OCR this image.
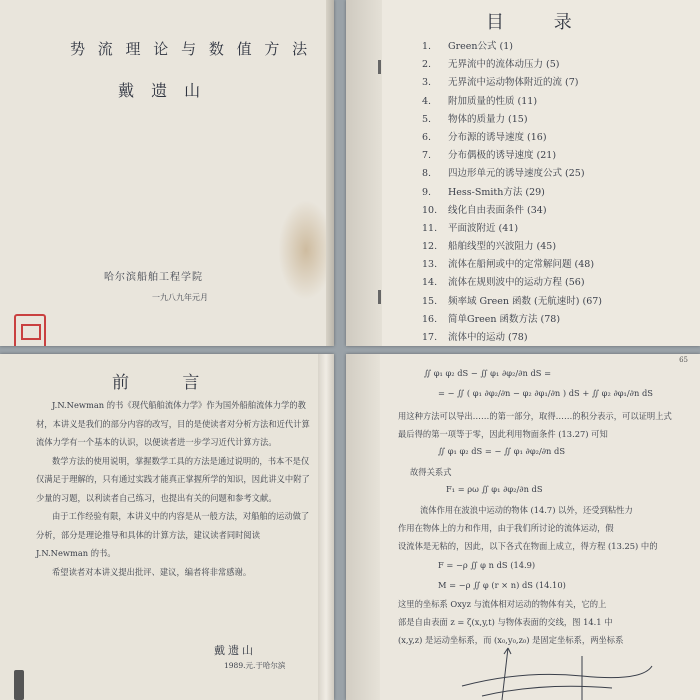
势 流 理 论 与 数 值 方 法
戴 遗 山
哈尔滨船舶工程学院
一九八九年元月
目 录
1.	Green公式 (1)
2.	无界流中的流体动压力 (5)
3.	无界流中运动物体附近的流 (7)
4.	附加质量的性质 (11)
5.	物体的质量力 (15)
6.	分布源的诱导速度 (16)
7.	分布偶极的诱导速度 (21)
8.	四边形单元的诱导速度公式 (25)
9.	Hess-Smith方法 (29)
10.	线化自由表面条件 (34)
11.	平面波附近 (41)
12.	船舶线型的兴波阻力 (45)
13.	流体在船闸或中的定常解问题 (48)
14.	流体在规则波中的运动方程 (56)
15.	频率域 Green 函数 (无航速时) (67)
16.	简单Green 函数方法 (78)
17.	流体中的运动 (78)
前 言

J.N.Newman 的书《现代船舶流体力学》作为国外船舶流体力学的教材，本讲义是我们的部分内容的改写，目的是使读者对分析方法和近代计算流体力学有一个基本的认识，以便读者进一步学习近代计算方法。

数学方法的使用说明，掌握数学工具的方法是通过说明的，书本不是仅仅满足于理解的，只有通过实践才能真正掌握所学的知识，因此讲义中附了少量的习题，以利读者自己练习，也提出有关的问题和参考文献。

由于工作经验有限，本讲义中的内容是从一般方法，对船舶的运动做了分析，部分是理论推导和具体的计算方法，建议读者同时阅读 J.N.Newman 的书。

希望读者对本讲义提出批评、建议，编者将非常感谢。

戴遗山
1989.元.于哈尔滨
65
∬ φ₁ φ₂ dS − ∬ φ₁ ∂φ₂/∂n dS =
= − ∬ ( φ₁ ∂φ₂/∂n − φ₂ ∂φ₁/∂n ) dS + ∬ φ₂ ∂φ₁/∂n dS
用这种方法可以导出……的第一部分，取得……的积分表示，可以证明上式
最后得的第一项等于零，因此利用物面条件 (13.27) 可知
∬ φ₁ φ₂ dS = − ∬ φ₁ ∂φ₂/∂n dS
故得关系式
F₁ = ρω ∬ φ₁ ∂φ₂/∂n dS
流体作用在波浪中运动的物体 (14.7) 以外，还受到粘性力
作用在物体上的力和作用，由于我们所讨论的流体运动，假
设流体是无粘的，因此，以下各式在物面上成立，得方程 (13.25) 中的
F = −ρ ∬ φ n dS (14.9)
M = −ρ ∬ φ (r × n) dS (14.10)
这里的坐标系 Oxyz 与流体相对运动的物体有关，它的上
部是自由表面 z = ζ(x,y,t) 与物体表面的交线，图 14.1 中
(x,y,z) 是运动坐标系，而 (x₀,y₀,z₀) 是固定坐标系，两坐标系
